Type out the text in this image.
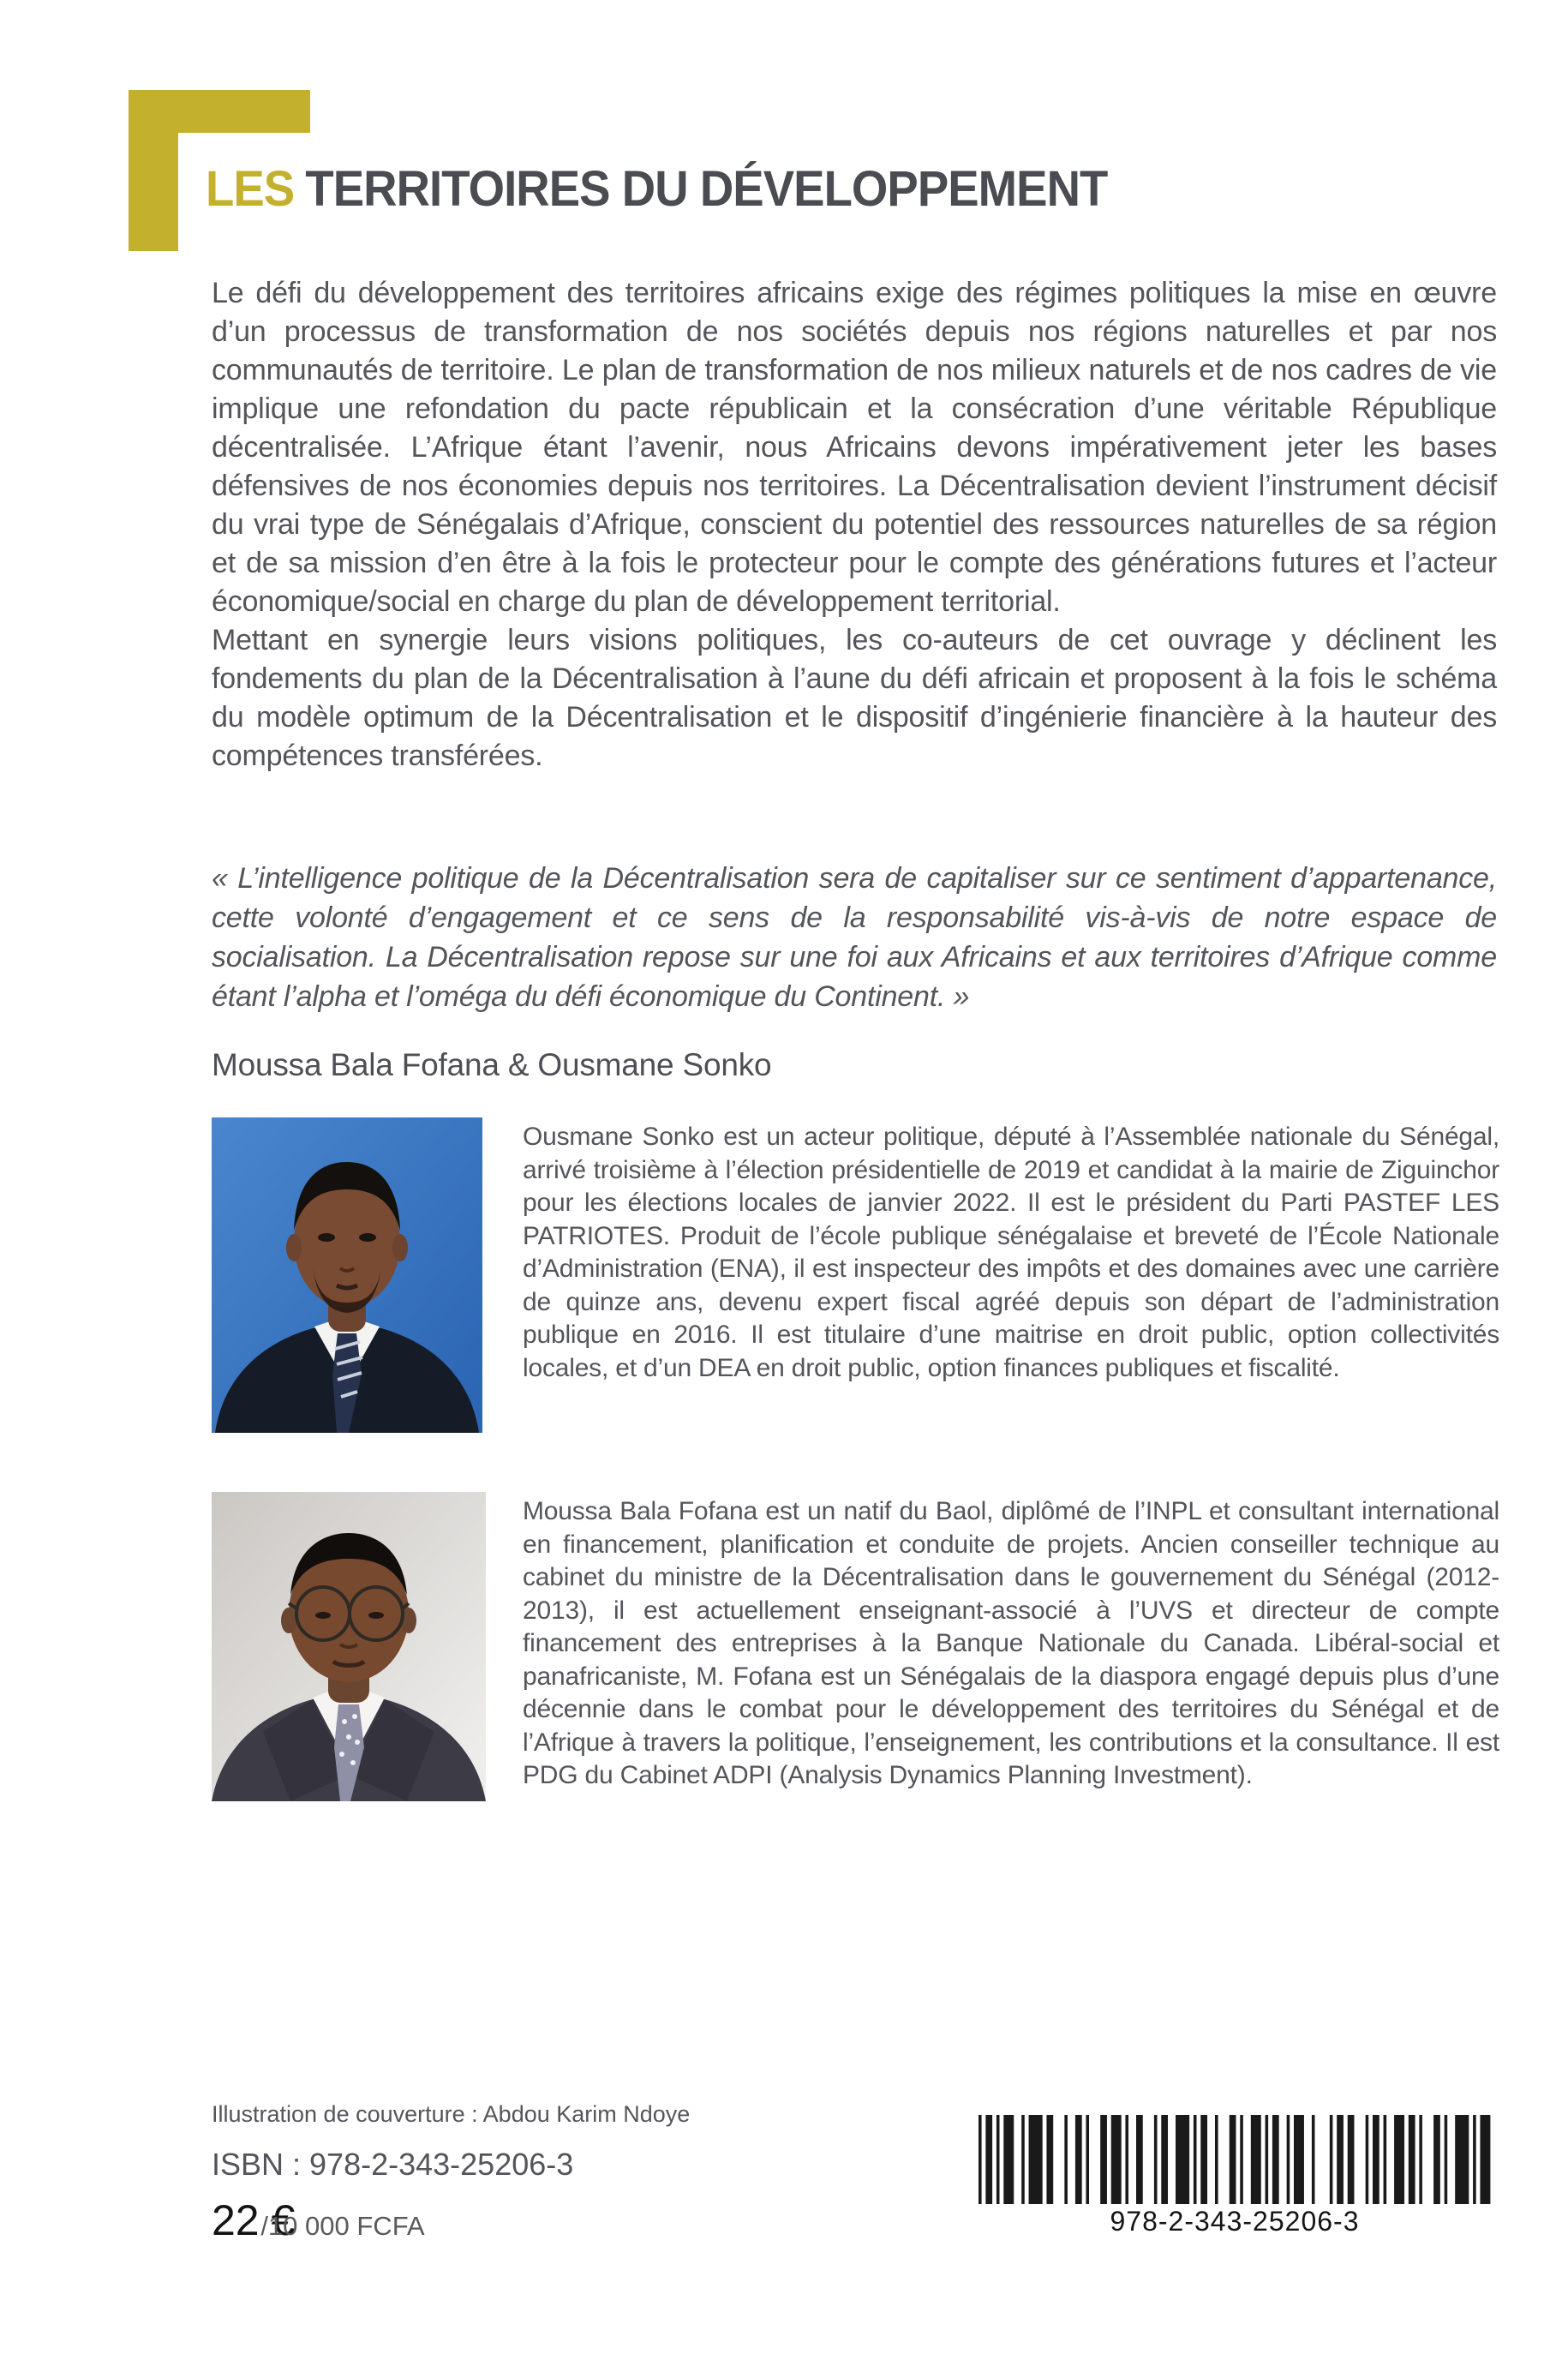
LES TERRITOIRES DU DÉVELOPPEMENT

Le défi du développement des territoires africains exige des régimes politiques la mise en œuvre d’un processus de transformation de nos sociétés depuis nos régions naturelles et par nos communautés de territoire. Le plan de transformation de nos milieux naturels et de nos cadres de vie implique une refondation du pacte républicain et la consécration d’une véritable République décentralisée. L’Afrique étant l’avenir, nous Africains devons impérativement jeter les bases défensives de nos économies depuis nos territoires. La Décentralisation devient l’instrument décisif du vrai type de Sénégalais d’Afrique, conscient du potentiel des ressources naturelles de sa région et de sa mission d’en être à la fois le protecteur pour le compte des générations futures et l’acteur économique/social en charge du plan de développement territorial.

Mettant en synergie leurs visions politiques, les co-auteurs de cet ouvrage y déclinent les fondements du plan de la Décentralisation à l’aune du défi africain et proposent à la fois le schéma du modèle optimum de la Décentralisation et le dispositif d’ingénierie financière à la hauteur des compétences transférées.

« L’intelligence politique de la Décentralisation sera de capitaliser sur ce sentiment d’appartenance, cette volonté d’engagement et ce sens de la responsabilité vis-à-vis de notre espace de socialisation. La Décentralisation repose sur une foi aux Africains et aux territoires d’Afrique comme étant l’alpha et l’oméga du défi économique du Continent. »
Moussa Bala Fofana & Ousmane Sonko
Ousmane Sonko est un acteur politique, député à l’Assemblée nationale du Sénégal, arrivé troisième à l’élection présidentielle de 2019 et candidat à la mairie de Ziguinchor pour les élections locales de janvier 2022. Il est le président du Parti PASTEF LES PATRIOTES. Produit de l’école publique sénégalaise et breveté de l’École Nationale d’Administration (ENA), il est inspecteur des impôts et des domaines avec une carrière de quinze ans, devenu expert fiscal agréé depuis son départ de l’administration publique en 2016. Il est titulaire d’une maitrise en droit public, option collectivités locales, et d’un DEA en droit public, option finances publiques et fiscalité.
Moussa Bala Fofana est un natif du Baol, diplômé de l’INPL et consultant international en financement, planification et conduite de projets. Ancien conseiller technique au cabinet du ministre de la Décentralisation dans le gouvernement du Sénégal (2012-2013), il est actuellement enseignant-associé à l’UVS et directeur de compte financement des entreprises à la Banque Nationale du Canada. Libéral-social et panafricaniste, M. Fofana est un Sénégalais de la diaspora engagé depuis plus d’une décennie dans le combat pour le développement des territoires du Sénégal et de l’Afrique à travers la politique, l’enseignement, les contributions et la consultance. Il est PDG du Cabinet ADPI (Analysis Dynamics Planning Investment).
Illustration de couverture : Abdou Karim Ndoye
ISBN : 978-2-343-25206-3
22 €/10 000 FCFA	978-2-343-25206-3
